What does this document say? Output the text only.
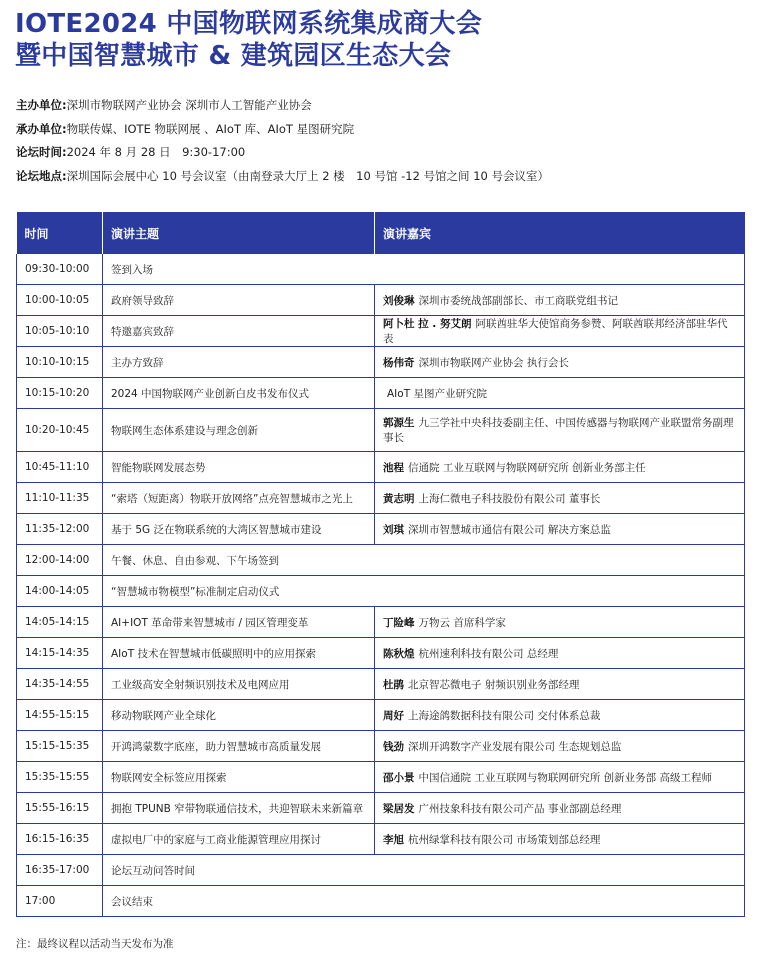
IOTE2024 中国物联网系统集成商大会
暨中国智慧城市 & 建筑园区生态大会
主办单位:深圳市物联网产业协会 深圳市人工智能产业协会
承办单位:物联传媒、IOTE 物联网展 、AIoT 库、AIoT 星图研究院
论坛时间:2024 年 8 月 28 日　9:30-17:00
论坛地点:深圳国际会展中心 10 号会议室（由南登录大厅上 2 楼　10 号馆 -12 号馆之间 10 号会议室）
时间	演讲主题	演讲嘉宾
09:30-10:00	签到入场	
10:00-10:05	政府领导致辞	刘俊琳 深圳市委统战部副部长、市工商联党组书记
10:05-10:10	特邀嘉宾致辞	阿卜杜 拉 . 努艾朗 阿联酋驻华大使馆商务参赞、阿联酋联邦经济部驻华代表
10:10-10:15	主办方致辞	杨伟奇 深圳市物联网产业协会 执行会长
10:15-10:20	2024 中国物联网产业创新白皮书发布仪式	AIoT 星图产业研究院
10:20-10:45	物联网生态体系建设与理念创新	郭源生 九三学社中央科技委副主任、中国传感器与物联网产业联盟常务副理事长
10:45-11:10	智能物联网发展态势	池程 信通院 工业互联网与物联网研究所 创新业务部主任
11:10-11:35	“索塔（短距离）物联开放网络”点亮智慧城市之光上	黄志明 上海仁微电子科技股份有限公司 董事长
11:35-12:00	基于 5G 泛在物联系统的大湾区智慧城市建设	刘琪 深圳市智慧城市通信有限公司 解决方案总监
12:00-14:00	午餐、休息、自由参观、下午场签到	
14:00-14:05	“智慧城市物模型”标准制定启动仪式	
14:05-14:15	AI+IOT 革命带来智慧城市 / 园区管理变革	丁险峰 万物云 首席科学家
14:15-14:35	AIoT 技术在智慧城市低碳照明中的应用探索	陈秋煌 杭州速利科技有限公司 总经理
14:35-14:55	工业级高安全射频识别技术及电网应用	杜鹃 北京智芯微电子 射频识别业务部经理
14:55-15:15	移动物联网产业全球化	周好 上海途鸽数据科技有限公司 交付体系总裁
15:15-15:35	开鸿鸿蒙数字底座，助力智慧城市高质量发展	钱劲 深圳开鸿数字产业发展有限公司 生态规划总监
15:35-15:55	物联网安全标签应用探索	邵小景 中国信通院 工业互联网与物联网研究所 创新业务部 高级工程师
15:55-16:15	拥抱 TPUNB 窄带物联通信技术，共迎智联未来新篇章	梁居发 广州技象科技有限公司产品 事业部副总经理
16:15-16:35	虚拟电厂中的家庭与工商业能源管理应用探讨	李旭 杭州绿掌科技有限公司 市场策划部总经理
16:35-17:00	论坛互动问答时间	
17:00	会议结束	
注：最终议程以活动当天发布为准
